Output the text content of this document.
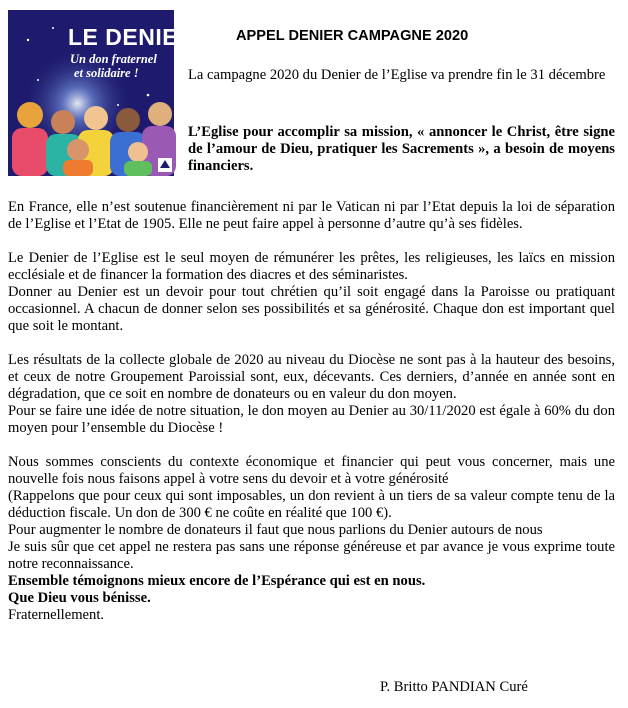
LE DENIER
Un don fraternel
et solidaire !
APPEL DENIER CAMPAGNE 2020

La campagne 2020 du Denier de l’Eglise va prendre fin le 31 décembre

L’Eglise pour accomplir sa mission, « annoncer le Christ, être signe de l’amour de Dieu, pratiquer les Sacrements », a besoin de moyens financiers.

En France, elle n’est soutenue financièrement ni par le Vatican ni par l’Etat depuis la loi de séparation de l’Eglise et l’Etat de 1905. Elle ne peut faire appel à personne d’autre qu’à ses fidèles.

Le Denier de l’Eglise est le seul moyen de rémunérer les prêtes, les religieuses, les laïcs en mission ecclésiale et de financer la formation des diacres et des séminaristes.

Donner au Denier est un devoir pour tout chrétien qu’il soit engagé dans la Paroisse ou pratiquant occasionnel. A chacun de donner selon ses possibilités et sa générosité. Chaque don est important quel que soit le montant.

Les résultats de la collecte globale de 2020 au niveau du Diocèse ne sont pas à la hauteur des besoins, et ceux de notre Groupement Paroissial sont, eux, décevants. Ces derniers, d’année en année sont en dégradation, que ce soit en nombre de donateurs ou en valeur du don moyen.

Pour se faire une idée de notre situation, le don moyen au Denier au 30/11/2020 est égale à 60% du don moyen pour l’ensemble du Diocèse !

Nous sommes conscients du contexte économique et financier qui peut vous concerner, mais une nouvelle fois nous faisons appel à votre sens du devoir et à votre générosité

(Rappelons que pour ceux qui sont imposables, un don revient à un tiers de sa valeur compte tenu de la déduction fiscale. Un don de 300 € ne coûte en réalité que 100 €).

Pour augmenter le nombre de donateurs il faut que nous parlions du Denier autours de nous

Je suis sûr que cet appel ne restera pas sans une réponse généreuse et par avance je vous exprime toute notre reconnaissance.

Ensemble témoignons mieux encore de l’Espérance qui est en nous.

Que Dieu vous bénisse.

Fraternellement.

P. Britto PANDIAN Curé
